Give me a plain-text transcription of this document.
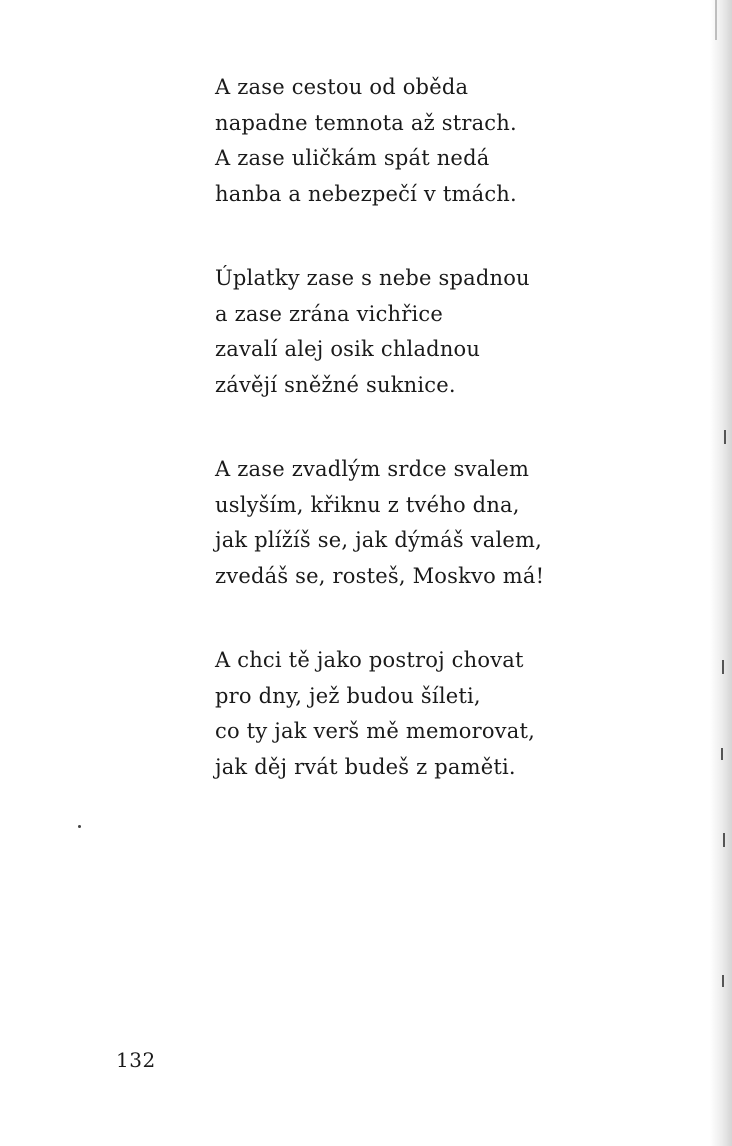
A zase cestou od oběda
napadne temnota až strach.
A zase uličkám spát nedá
hanba a nebezpečí v tmách.
Úplatky zase s nebe spadnou
a zase zrána vichřice
zavalí alej osik chladnou
závějí sněžné suknice.
A zase zvadlým srdce svalem
uslyším, křiknu z tvého dna,
jak plížíš se, jak dýmáš valem,
zvedáš se, rosteš, Moskvo má!
A chci tě jako postroj chovat
pro dny, jež budou šíleti,
co ty jak verš mě memorovat,
jak děj rvát budeš z paměti.
132
